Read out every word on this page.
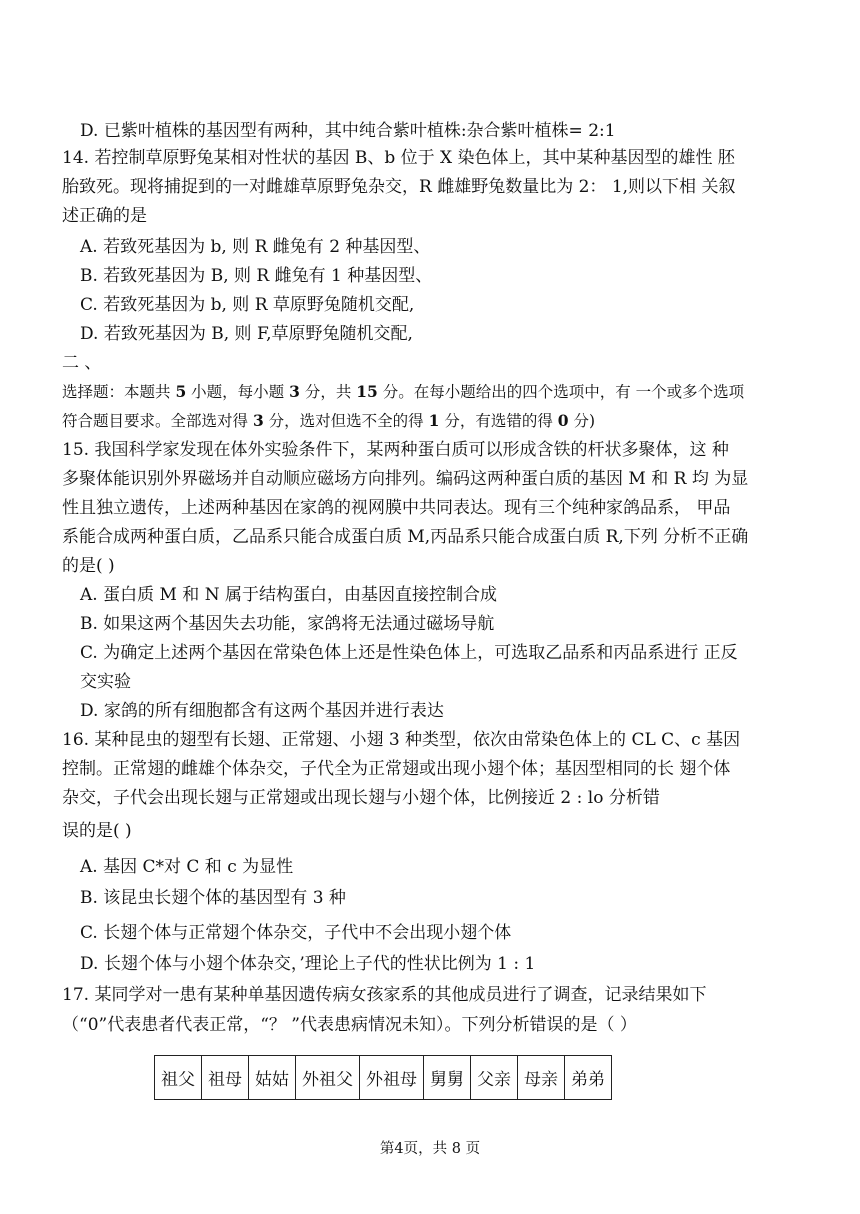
D. 已紫叶植株的基因型有两种，其中纯合紫叶植株:杂合紫叶植株= 2:1
14. 若控制草原野兔某相对性状的基因 B、b 位于 X 染色体上，其中某种基因型的雄性 胚
胎致死。现将捕捉到的一对雌雄草原野兔杂交，R 雌雄野兔数量比为 2： 1,则以下相 关叙
述正确的是
A. 若致死基因为 b, 则 R 雌兔有 2 种基因型、
B. 若致死基因为 B, 则 R 雌兔有 1 种基因型、
C. 若致死基因为 b, 则 R 草原野兔随机交配,
D. 若致死基因为 B, 则 F,草原野兔随机交配,
二 、
选择题：本题共 5 小题，每小题 3 分，共 15 分。在每小题给出的四个选项中，有 一个或多个选项
符合题目要求。全部选对得 3 分，选对但选不全的得 1 分，有选错的得 0 分)
15. 我国科学家发现在体外实验条件下，某两种蛋白质可以形成含铁的杆状多聚体，这 种
多聚体能识别外界磁场并自动顺应磁场方向排列。编码这两种蛋白质的基因 M 和 R 均 为显
性且独立遗传，上述两种基因在家鸽的视网膜中共同表达。现有三个纯种家鸽品系， 甲品
系能合成两种蛋白质，乙品系只能合成蛋白质 M,丙品系只能合成蛋白质 R,下列 分析不正确
的是( )
A. 蛋白质 M 和 N 属于结构蛋白，由基因直接控制合成
B. 如果这两个基因失去功能，家鸽将无法通过磁场导航
C. 为确定上述两个基因在常染色体上还是性染色体上，可选取乙品系和丙品系进行 正反
交实验
D. 家鸽的所有细胞都含有这两个基因并进行表达
16. 某种昆虫的翅型有长翅、正常翅、小翅 3 种类型，依次由常染色体上的 CL C、c 基因
控制。正常翅的雌雄个体杂交，子代全为正常翅或出现小翅个体；基因型相同的长 翅个体
杂交，子代会出现长翅与正常翅或出现长翅与小翅个体，比例接近 2 : lo 分析错
误的是( )
A. 基因 C*对 C 和 c 为显性
B. 该昆虫长翅个体的基因型有 3 种
C. 长翅个体与正常翅个体杂交，子代中不会出现小翅个体
D. 长翅个体与小翅个体杂交，’理论上子代的性状比例为 1 : 1
17. 某同学对一患有某种单基因遗传病女孩家系的其他成员进行了调查，记录结果如下
（“0”代表患者代表正常，“？ ”代表患病情况未知）。下列分析错误的是（ ）
祖父	祖母	姑姑	外祖父	外祖母	舅舅	父亲	母亲	弟弟
第4页，共 8 页
